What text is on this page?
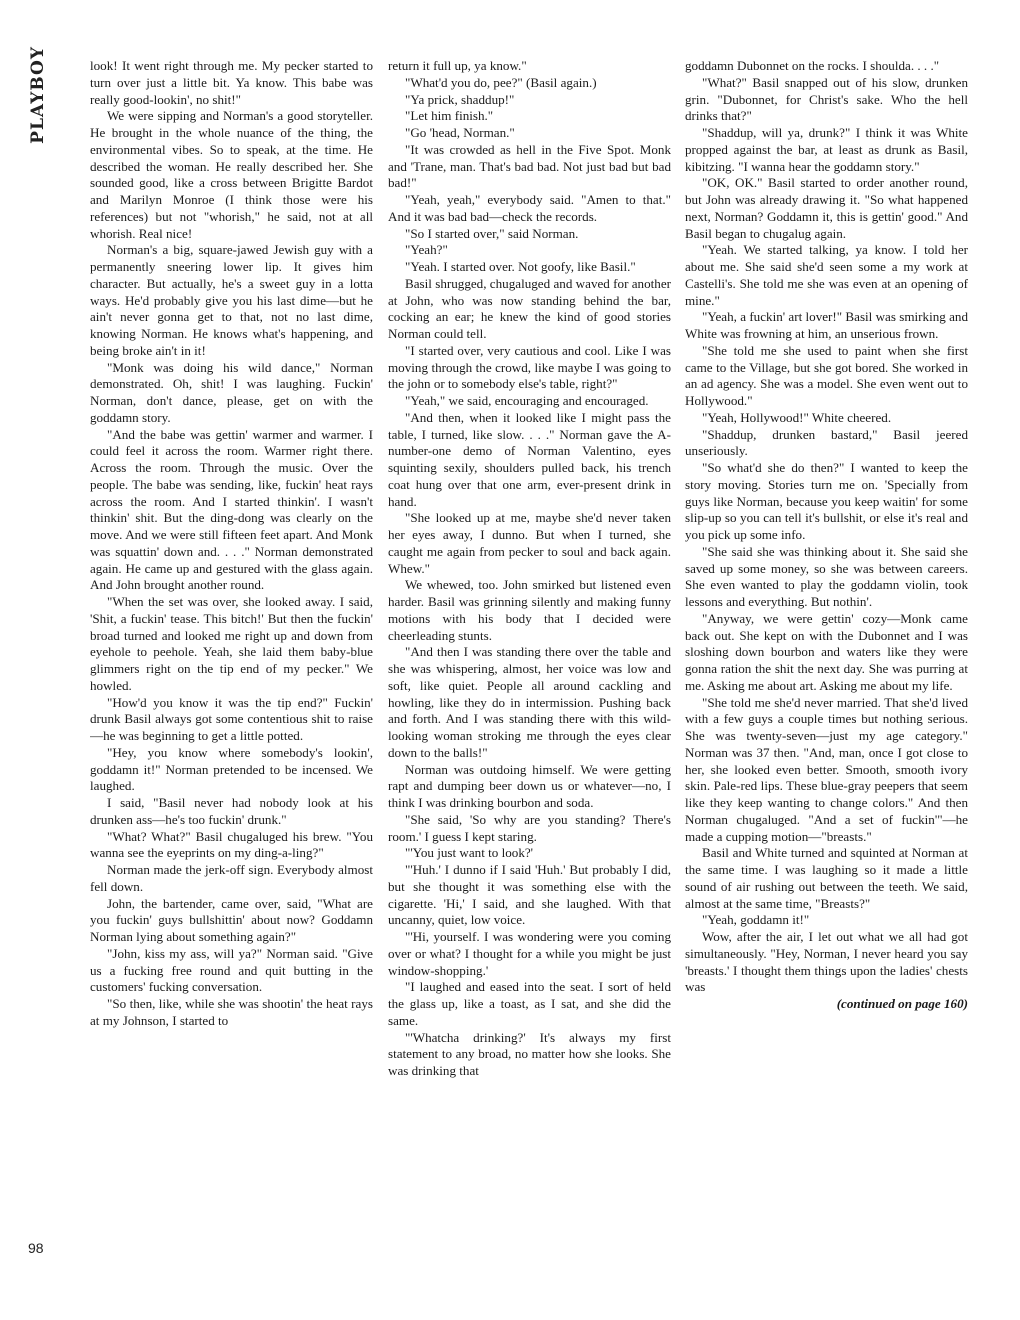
PLAYBOY	look! It went right through me. My pecker started to turn over just a little bit. Ya know. This babe was really good-lookin', no shit!"

We were sipping and Norman's a good storyteller. He brought in the whole nuance of the thing, the environmental vibes. So to speak, at the time. He described the woman. He really described her. She sounded good, like a cross between Brigitte Bardot and Marilyn Monroe (I think those were his references) but not "whorish," he said, not at all whorish. Real nice!

Norman's a big, square-jawed Jewish guy with a permanently sneering lower lip. It gives him character. But actually, he's a sweet guy in a lotta ways. He'd probably give you his last dime—but he ain't never gonna get to that, not no last dime, knowing Norman. He knows what's happening, and being broke ain't in it!

"Monk was doing his wild dance," Norman demonstrated. Oh, shit! I was laughing. Fuckin' Norman, don't dance, please, get on with the goddamn story.

"And the babe was gettin' warmer and warmer. I could feel it across the room. Warmer right there. Across the room. Through the music. Over the people. The babe was sending, like, fuckin' heat rays across the room. And I started thinkin'. I wasn't thinkin' shit. But the ding-dong was clearly on the move. And we were still fifteen feet apart. And Monk was squattin' down and. . . ." Norman demonstrated again. He came up and gestured with the glass again. And John brought another round.

"When the set was over, she looked away. I said, 'Shit, a fuckin' tease. This bitch!' But then the fuckin' broad turned and looked me right up and down from eyehole to peehole. Yeah, she laid them baby-blue glimmers right on the tip end of my pecker." We howled.

"How'd you know it was the tip end?" Fuckin' drunk Basil always got some contentious shit to raise—he was beginning to get a little potted.

"Hey, you know where somebody's lookin', goddamn it!" Norman pretended to be incensed. We laughed.

I said, "Basil never had nobody look at his drunken ass—he's too fuckin' drunk."

"What? What?" Basil chugaluged his brew. "You wanna see the eyeprints on my ding-a-ling?"

Norman made the jerk-off sign. Everybody almost fell down.

John, the bartender, came over, said, "What are you fuckin' guys bullshittin' about now? Goddamn Norman lying about something again?"

"John, kiss my ass, will ya?" Norman said. "Give us a fucking free round and quit butting in the customers' fucking conversation.

"So then, like, while she was shootin' the heat rays at my Johnson, I started to

return it full up, ya know."

"What'd you do, pee?" (Basil again.)

"Ya prick, shaddup!"

"Let him finish."

"Go 'head, Norman."

"It was crowded as hell in the Five Spot. Monk and 'Trane, man. That's bad bad. Not just bad but bad bad!"

"Yeah, yeah," everybody said. "Amen to that." And it was bad bad—check the records.

"So I started over," said Norman.

"Yeah?"

"Yeah. I started over. Not goofy, like Basil."

Basil shrugged, chugaluged and waved for another at John, who was now standing behind the bar, cocking an ear; he knew the kind of good stories Norman could tell.

"I started over, very cautious and cool. Like I was moving through the crowd, like maybe I was going to the john or to somebody else's table, right?"

"Yeah," we said, encouraging and encouraged.

"And then, when it looked like I might pass the table, I turned, like slow. . . ." Norman gave the A-number-one demo of Norman Valentino, eyes squinting sexily, shoulders pulled back, his trench coat hung over that one arm, ever-present drink in hand.

"She looked up at me, maybe she'd never taken her eyes away, I dunno. But when I turned, she caught me again from pecker to soul and back again. Whew."

We whewed, too. John smirked but listened even harder. Basil was grinning silently and making funny motions with his body that I decided were cheerleading stunts.

"And then I was standing there over the table and she was whispering, almost, her voice was low and soft, like quiet. People all around cackling and howling, like they do in intermission. Pushing back and forth. And I was standing there with this wild-looking woman stroking me through the eyes clear down to the balls!"

Norman was outdoing himself. We were getting rapt and dumping beer down us or whatever—no, I think I was drinking bourbon and soda.

"She said, 'So why are you standing? There's room.' I guess I kept staring.

"'You just want to look?'

"'Huh.' I dunno if I said 'Huh.' But probably I did, but she thought it was something else with the cigarette. 'Hi,' I said, and she laughed. With that uncanny, quiet, low voice.

"'Hi, yourself. I was wondering were you coming over or what? I thought for a while you might be just window-shopping.'

"I laughed and eased into the seat. I sort of held the glass up, like a toast, as I sat, and she did the same.

"'Whatcha drinking?' It's always my first statement to any broad, no matter how she looks. She was drinking that

goddamn Dubonnet on the rocks. I shoulda. . . ."

"What?" Basil snapped out of his slow, drunken grin. "Dubonnet, for Christ's sake. Who the hell drinks that?"

"Shaddup, will ya, drunk?" I think it was White propped against the bar, at least as drunk as Basil, kibitzing. "I wanna hear the goddamn story."

"OK, OK." Basil started to order another round, but John was already drawing it. "So what happened next, Norman? Goddamn it, this is gettin' good." And Basil began to chugalug again.

"Yeah. We started talking, ya know. I told her about me. She said she'd seen some a my work at Castelli's. She told me she was even at an opening of mine."

"Yeah, a fuckin' art lover!" Basil was smirking and White was frowning at him, an unserious frown.

"She told me she used to paint when she first came to the Village, but she got bored. She worked in an ad agency. She was a model. She even went out to Hollywood."

"Yeah, Hollywood!" White cheered.

"Shaddup, drunken bastard," Basil jeered unseriously.

"So what'd she do then?" I wanted to keep the story moving. Stories turn me on. 'Specially from guys like Norman, because you keep waitin' for some slip-up so you can tell it's bullshit, or else it's real and you pick up some info.

"She said she was thinking about it. She said she saved up some money, so she was between careers. She even wanted to play the goddamn violin, took lessons and everything. But nothin'.

"Anyway, we were gettin' cozy—Monk came back out. She kept on with the Dubonnet and I was sloshing down bourbon and waters like they were gonna ration the shit the next day. She was purring at me. Asking me about art. Asking me about my life.

"She told me she'd never married. That she'd lived with a few guys a couple times but nothing serious. She was twenty-seven—just my age category." Norman was 37 then. "And, man, once I got close to her, she looked even better. Smooth, smooth ivory skin. Pale-red lips. These blue-gray peepers that seem like they keep wanting to change colors." And then Norman chugaluged. "And a set of fuckin'"—he made a cupping motion—"breasts."

Basil and White turned and squinted at Norman at the same time. I was laughing so it made a little sound of air rushing out between the teeth. We said, almost at the same time, "Breasts?"

"Yeah, goddamn it!"

Wow, after the air, I let out what we all had got simultaneously. "Hey, Norman, I never heard you say 'breasts.' I thought them things upon the ladies' chests was

(continued on page 160)

98
